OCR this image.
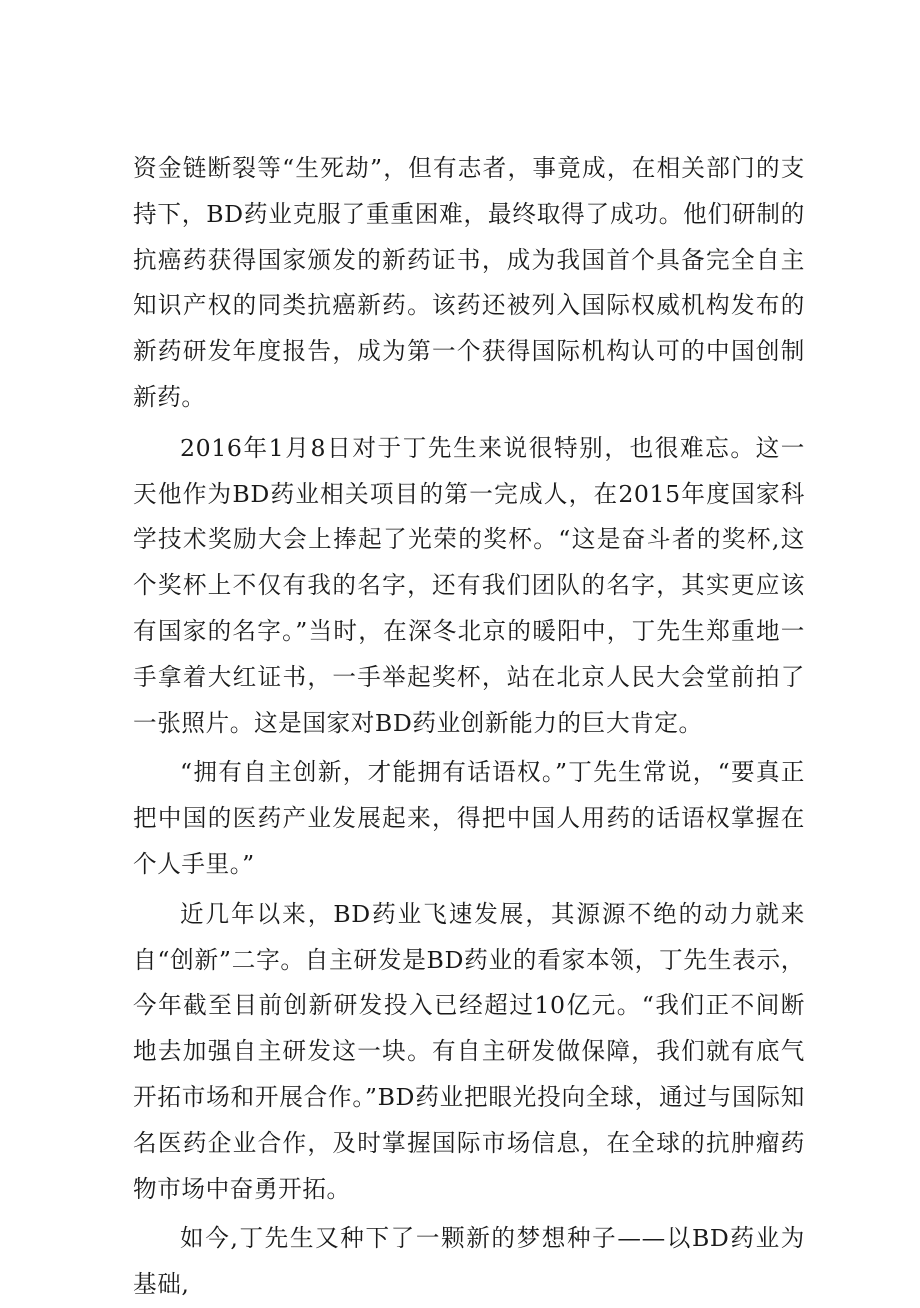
资金链断裂等“生死劫”，但有志者，事竟成，在相关部门的支持下，BD药业克服了重重困难，最终取得了成功。他们研制的抗癌药获得国家颁发的新药证书，成为我国首个具备完全自主知识产权的同类抗癌新药。该药还被列入国际权威机构发布的新药研发年度报告，成为第一个获得国际机构认可的中国创制新药。

2016年1月8日对于丁先生来说很特别，也很难忘。这一天他作为BD药业相关项目的第一完成人，在2015年度国家科学技术奖励大会上捧起了光荣的奖杯。“这是奋斗者的奖杯,这个奖杯上不仅有我的名字，还有我们团队的名字，其实更应该有国家的名字。”当时，在深冬北京的暖阳中，丁先生郑重地一手拿着大红证书，一手举起奖杯，站在北京人民大会堂前拍了一张照片。这是国家对BD药业创新能力的巨大肯定。

“拥有自主创新，才能拥有话语权。”丁先生常说，“要真正把中国的医药产业发展起来，得把中国人用药的话语权掌握在个人手里。”

近几年以来，BD药业飞速发展，其源源不绝的动力就来自“创新”二字。自主研发是BD药业的看家本领，丁先生表示，今年截至目前创新研发投入已经超过10亿元。“我们正不间断地去加强自主研发这一块。有自主研发做保障，我们就有底气开拓市场和开展合作。”BD药业把眼光投向全球，通过与国际知名医药企业合作，及时掌握国际市场信息，在全球的抗肿瘤药物市场中奋勇开拓。

如今,丁先生又种下了一颗新的梦想种子——以BD药业为基础,
